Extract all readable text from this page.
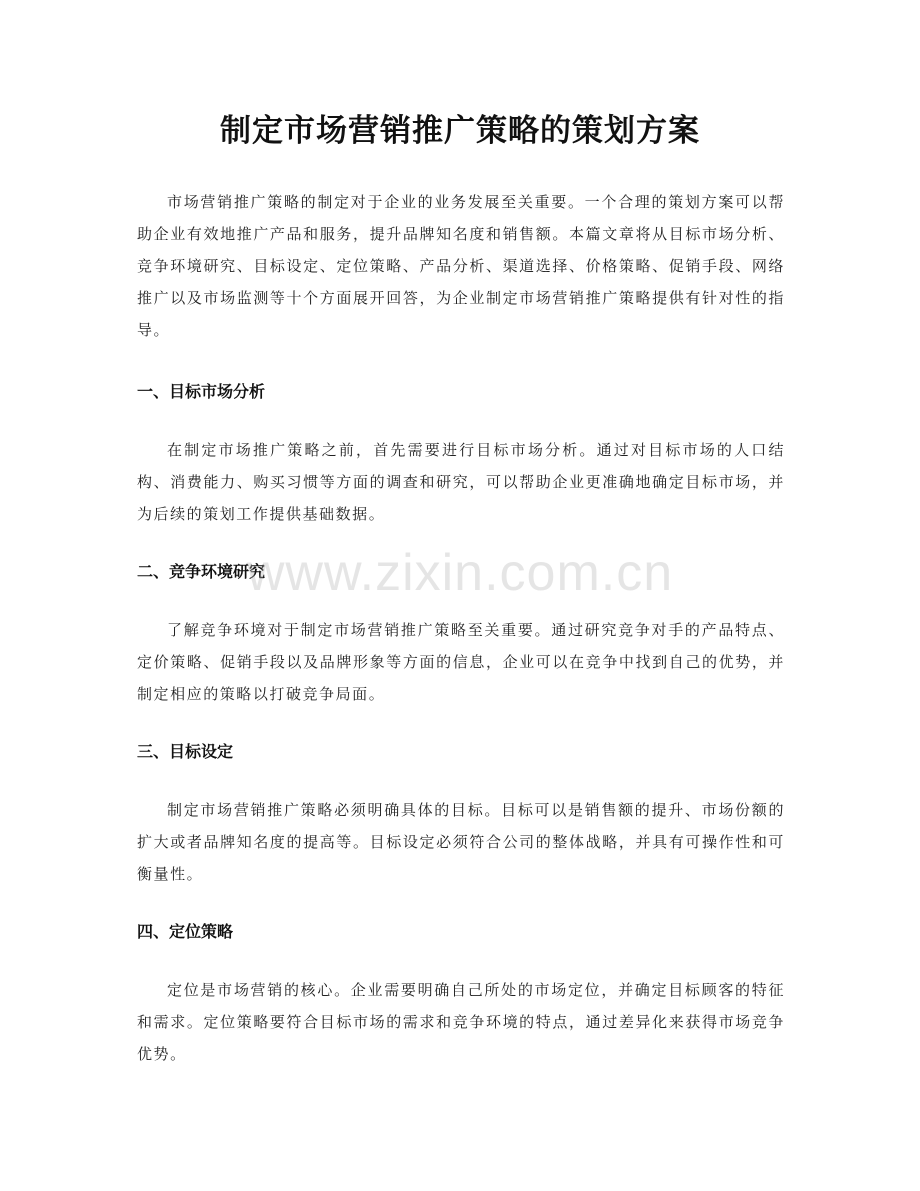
制定市场营销推广策略的策划方案

市场营销推广策略的制定对于企业的业务发展至关重要。一个合理的策划方案可以帮助企业有效地推广产品和服务，提升品牌知名度和销售额。本篇文章将从目标市场分析、竞争环境研究、目标设定、定位策略、产品分析、渠道选择、价格策略、促销手段、网络推广以及市场监测等十个方面展开回答，为企业制定市场营销推广策略提供有针对性的指导。

一、目标市场分析

在制定市场推广策略之前，首先需要进行目标市场分析。通过对目标市场的人口结构、消费能力、购买习惯等方面的调查和研究，可以帮助企业更准确地确定目标市场，并为后续的策划工作提供基础数据。

二、竞争环境研究

了解竞争环境对于制定市场营销推广策略至关重要。通过研究竞争对手的产品特点、定价策略、促销手段以及品牌形象等方面的信息，企业可以在竞争中找到自己的优势，并制定相应的策略以打破竞争局面。

三、目标设定

制定市场营销推广策略必须明确具体的目标。目标可以是销售额的提升、市场份额的扩大或者品牌知名度的提高等。目标设定必须符合公司的整体战略，并具有可操作性和可衡量性。

四、定位策略

定位是市场营销的核心。企业需要明确自己所处的市场定位，并确定目标顾客的特征和需求。定位策略要符合目标市场的需求和竞争环境的特点，通过差异化来获得市场竞争优势。

www.zixin.com.cn
